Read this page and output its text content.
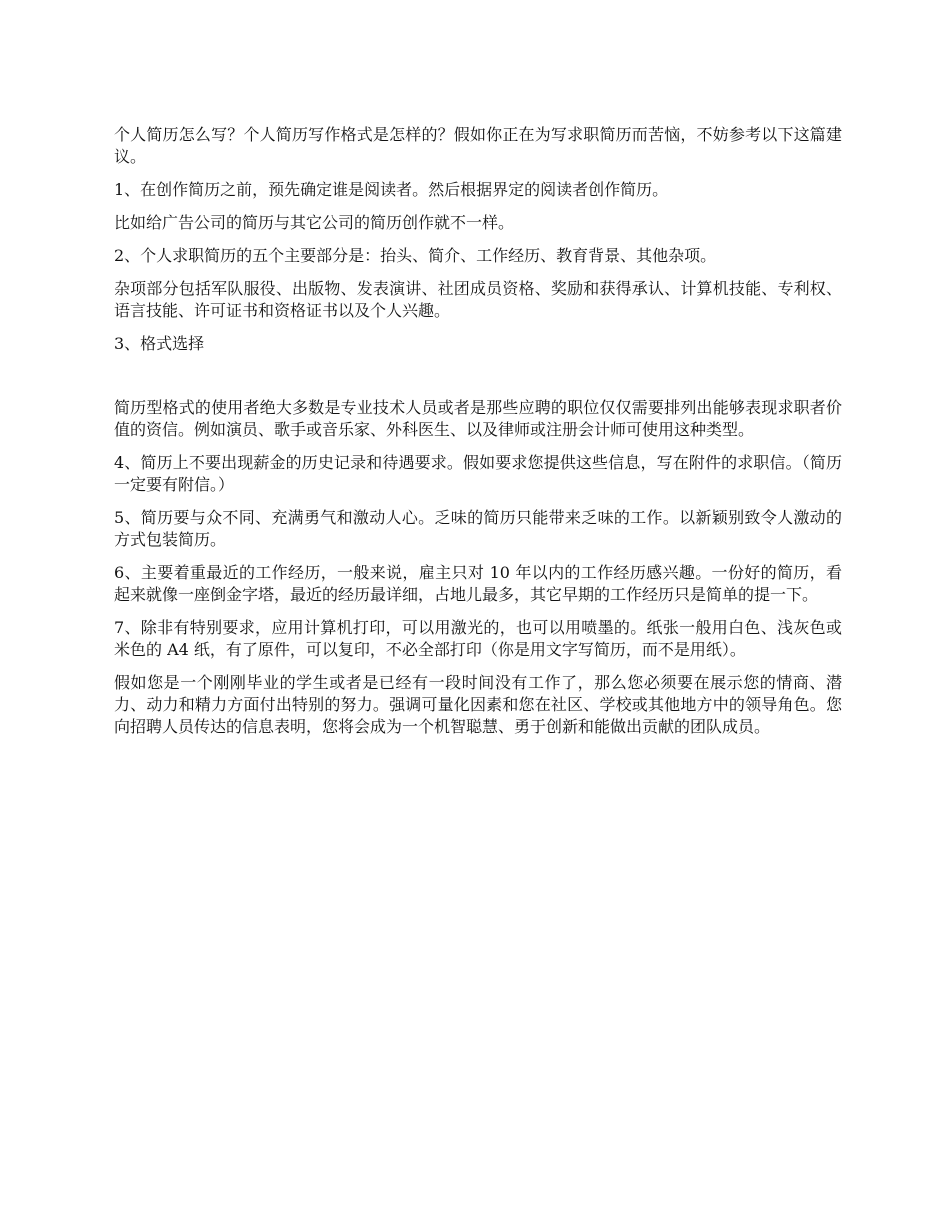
个人简历怎么写？个人简历写作格式是怎样的？假如你正在为写求职简历而苦恼，不妨参考以下这篇建议。

1、在创作简历之前，预先确定谁是阅读者。然后根据界定的阅读者创作简历。

比如给广告公司的简历与其它公司的简历创作就不一样。

2、个人求职简历的五个主要部分是：抬头、简介、工作经历、教育背景、其他杂项。

杂项部分包括军队服役、出版物、发表演讲、社团成员资格、奖励和获得承认、计算机技能、专利权、语言技能、许可证书和资格证书以及个人兴趣。

3、格式选择

简历型格式的使用者绝大多数是专业技术人员或者是那些应聘的职位仅仅需要排列出能够表现求职者价值的资信。例如演员、歌手或音乐家、外科医生、以及律师或注册会计师可使用这种类型。

4、简历上不要出现薪金的历史记录和待遇要求。假如要求您提供这些信息，写在附件的求职信。（简历一定要有附信。）

5、简历要与众不同、充满勇气和激动人心。乏味的简历只能带来乏味的工作。以新颖别致令人激动的方式包装简历。

6、主要着重最近的工作经历，一般来说，雇主只对 10 年以内的工作经历感兴趣。一份好的简历，看起来就像一座倒金字塔，最近的经历最详细，占地儿最多，其它早期的工作经历只是简单的提一下。

7、除非有特别要求，应用计算机打印，可以用激光的，也可以用喷墨的。纸张一般用白色、浅灰色或米色的 A4 纸，有了原件，可以复印，不必全部打印（你是用文字写简历，而不是用纸）。

假如您是一个刚刚毕业的学生或者是已经有一段时间没有工作了，那么您必须要在展示您的情商、潜力、动力和精力方面付出特别的努力。强调可量化因素和您在社区、学校或其他地方中的领导角色。您向招聘人员传达的信息表明，您将会成为一个机智聪慧、勇于创新和能做出贡献的团队成员。
